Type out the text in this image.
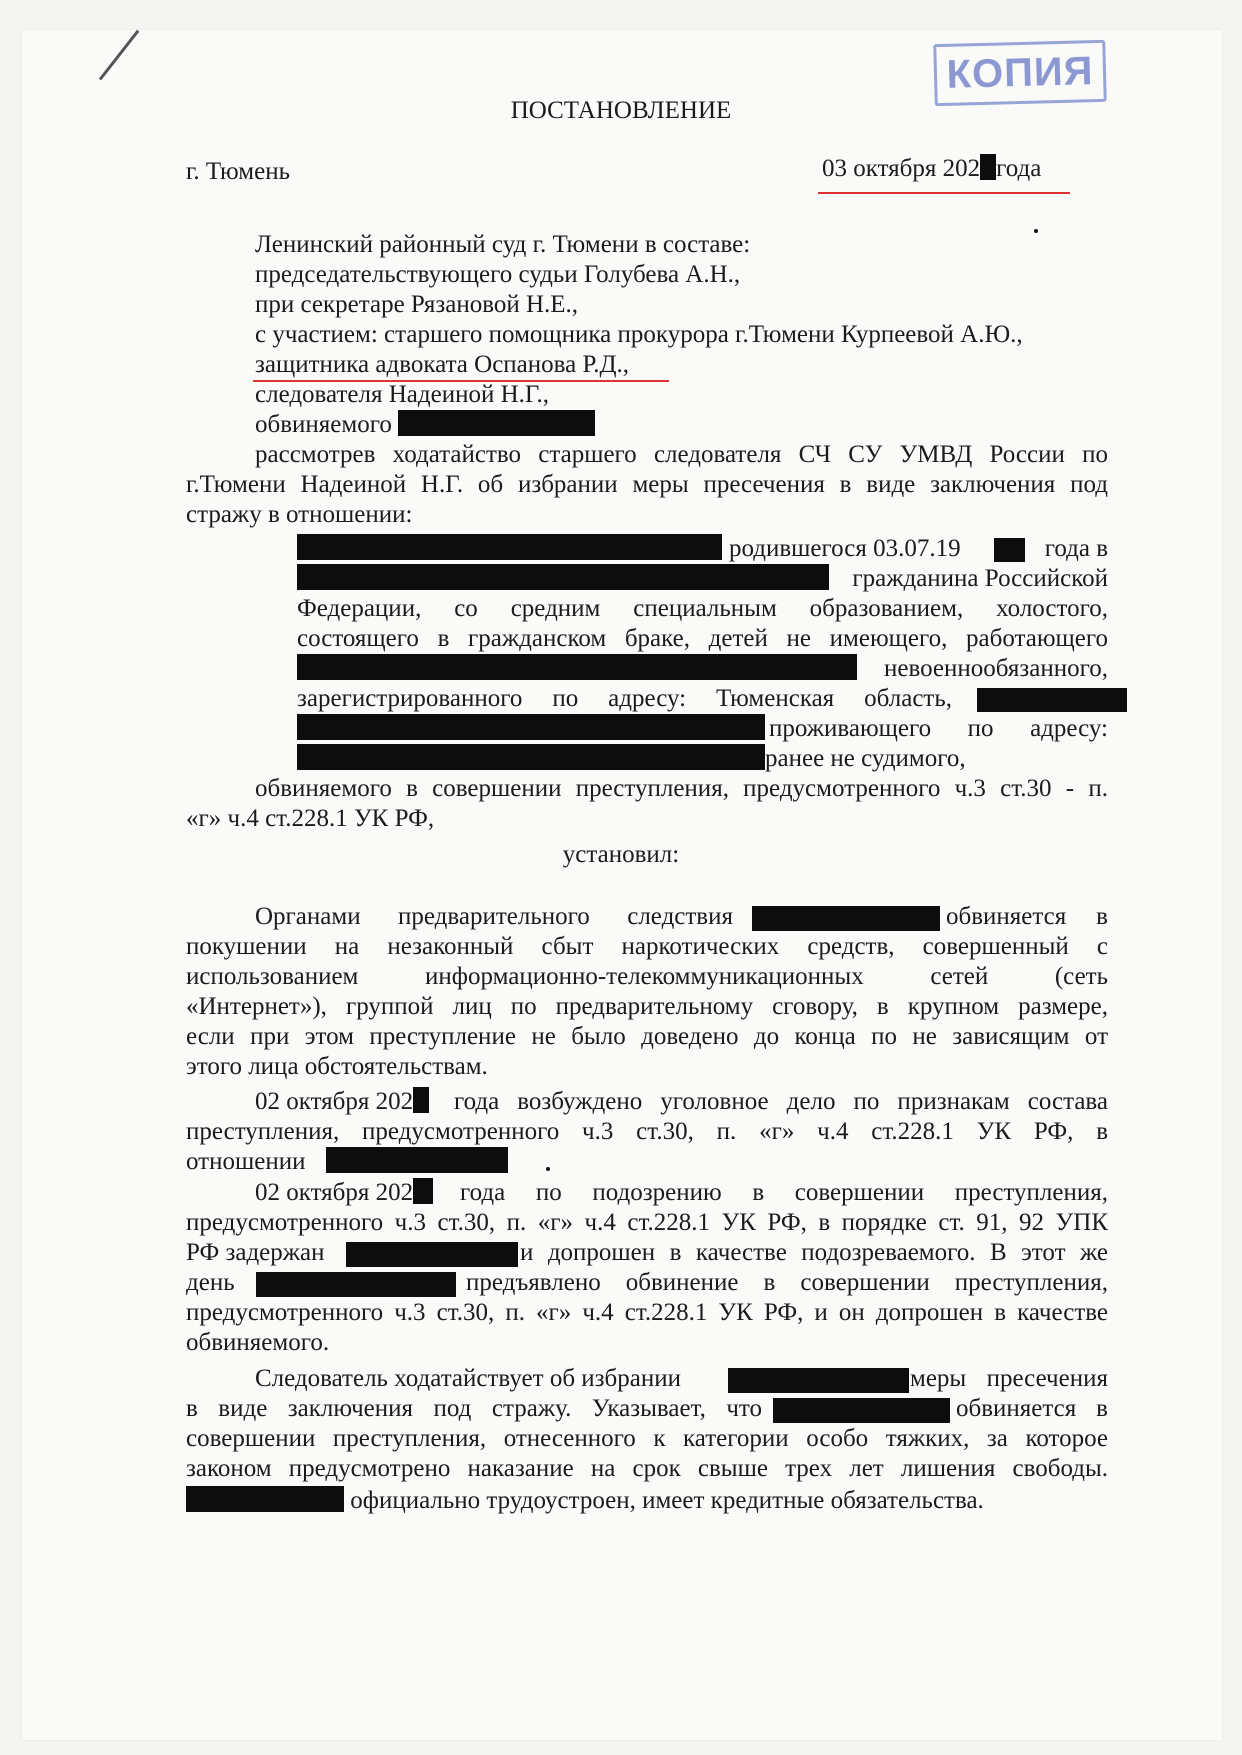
КОПИЯ
ПОСТАНОВЛЕНИЕ
г. Тюмень	03 октября 202 года
Ленинский районный суд г. Тюмени в составе:
председательствующего судьи Голубева А.Н.,
при секретаре Рязановой Н.Е.,
с участием: старшего помощника прокурора г.Тюмени Курпеевой А.Ю.,
защитника адвоката Оспанова Р.Д.,
следователя Надеиной Н.Г.,
обвиняемого
рассмотрев ходатайство старшего следователя СЧ СУ УМВД России по
г.Тюмени Надеиной Н.Г. об избрании меры пресечения в виде заключения под
стражу в отношении:
родившегося 03.07.19	года в
гражданина Российской
Федерации, со средним специальным образованием, холостого,
состоящего в гражданском браке, детей не имеющего, работающего
невоеннообязанного,
зарегистрированного по адресу: Тюменская область,
проживающего по адресу:
ранее не судимого,
обвиняемого в совершении преступления, предусмотренного ч.3 ст.30 - п.
«г» ч.4 ст.228.1 УК РФ,
установил:
Органами предварительного следствия	обвиняется в
покушении на незаконный сбыт наркотических средств, совершенный с
использованием информационно-телекоммуникационных сетей (сеть
«Интернет»), группой лиц по предварительному сговору, в крупном размере,
если при этом преступление не было доведено до конца по не зависящим от
этого лица обстоятельствам.
02 октября 202 года возбуждено уголовное дело по признакам состава
преступления, предусмотренного ч.3 ст.30, п. «г» ч.4 ст.228.1 УК РФ, в
отношении
02 октября 202 года по подозрению в совершении преступления,
предусмотренного ч.3 ст.30, п. «г» ч.4 ст.228.1 УК РФ, в порядке ст. 91, 92 УПК
РФ задержан	и допрошен в качестве подозреваемого. В этот же
день	предъявлено обвинение в совершении преступления,
предусмотренного ч.3 ст.30, п. «г» ч.4 ст.228.1 УК РФ, и он допрошен в качестве
обвиняемого.
Следователь ходатайствует об избрании	меры пресечения
в виде заключения под стражу. Указывает, что	обвиняется в
совершении преступления, отнесенного к категории особо тяжких, за которое
законом предусмотрено наказание на срок свыше трех лет лишения свободы.
официально трудоустроен, имеет кредитные обязательства.
